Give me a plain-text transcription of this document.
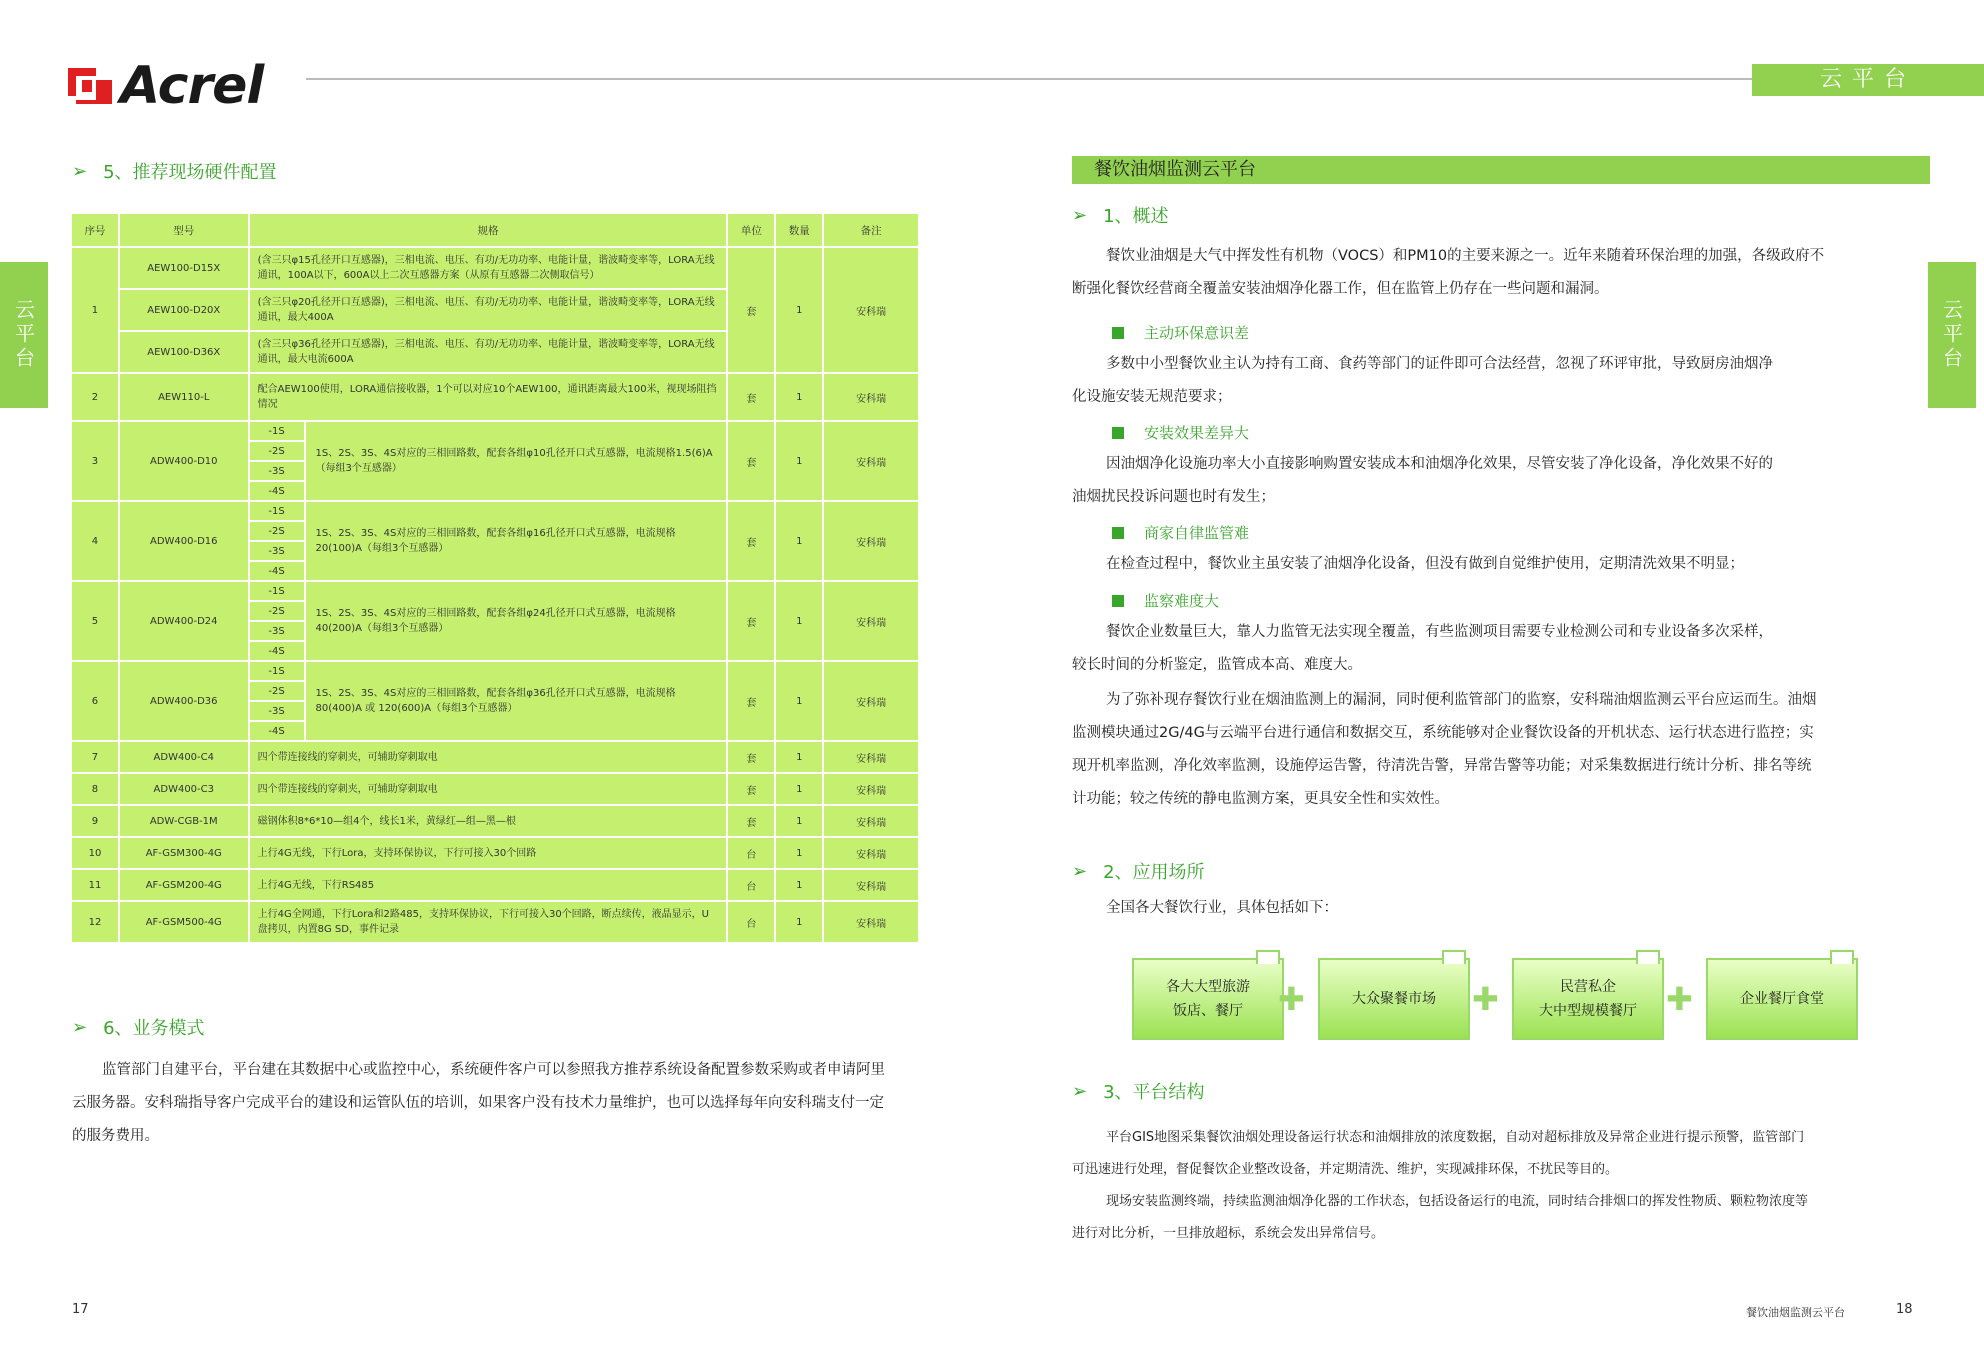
Acrel	云平台
云平台	云平台
➢ 5、推荐现场硬件配置
序号	型号	规格		单位	数量	备注
1	AEW100-D15X	(含三只φ15孔径开口互感器)，三相电流、电压、有功/无功功率、电能计量，谐波畸变率等，LORA无线通讯，100A以下，600A以上二次互感器方案（从原有互感器二次侧取信号）		套	1	安科瑞
	AEW100-D20X	(含三只φ20孔径开口互感器)，三相电流、电压、有功/无功功率、电能计量，谐波畸变率等，LORA无线通讯，最大400A				
	AEW100-D36X	(含三只φ36孔径开口互感器)，三相电流、电压、有功/无功功率、电能计量，谐波畸变率等，LORA无线通讯，最大电流600A				
2	AEW110-L	配合AEW100使用，LORA通信接收器，1个可以对应10个AEW100，通讯距离最大100米，视现场阻挡情况		套	1	安科瑞
3	ADW400-D10	-1S	1S、2S、3S、4S对应的三相回路数，配套各组φ10孔径开口式互感器，电流规格1.5(6)A（每组3个互感器）	套	1	安科瑞
		-2S				
		-3S				
		-4S				
4	ADW400-D16	-1S	1S、2S、3S、4S对应的三相回路数，配套各组φ16孔径开口式互感器，电流规格20(100)A（每组3个互感器）	套	1	安科瑞
		-2S				
		-3S				
		-4S				
5	ADW400-D24	-1S	1S、2S、3S、4S对应的三相回路数，配套各组φ24孔径开口式互感器，电流规格40(200)A（每组3个互感器）	套	1	安科瑞
		-2S				
		-3S				
		-4S				
6	ADW400-D36	-1S	1S、2S、3S、4S对应的三相回路数，配套各组φ36孔径开口式互感器，电流规格80(400)A 或 120(600)A（每组3个互感器）	套	1	安科瑞
		-2S				
		-3S				
		-4S				
7	ADW400-C4	四个带连接线的穿刺夹，可辅助穿刺取电		套	1	安科瑞
8	ADW400-C3	四个带连接线的穿刺夹，可辅助穿刺取电		套	1	安科瑞
9	ADW-CGB-1M	磁钢体积8*6*10—组4个，线长1米，黄绿红—组—黑—根		套	1	安科瑞
10	AF-GSM300-4G	上行4G无线，下行Lora，支持环保协议，下行可接入30个回路		台	1	安科瑞
11	AF-GSM200-4G	上行4G无线，下行RS485		台	1	安科瑞
12	AF-GSM500-4G	上行4G全网通，下行Lora和2路485，支持环保协议，下行可接入30个回路，断点续传，液晶显示，U盘拷贝，内置8G SD，事件记录		台	1	安科瑞
➢ 6、业务模式
监管部门自建平台，平台建在其数据中心或监控中心，系统硬件客户可以参照我方推荐系统设备配置参数采购或者申请阿里
云服务器。安科瑞指导客户完成平台的建设和运管队伍的培训，如果客户没有技术力量维护，也可以选择每年向安科瑞支付一定
的服务费用。
17
餐饮油烟监测云平台
➢ 1、概述
餐饮业油烟是大气中挥发性有机物（VOCS）和PM10的主要来源之一。近年来随着环保治理的加强，各级政府不
断强化餐饮经营商全覆盖安装油烟净化器工作，但在监管上仍存在一些问题和漏洞。
主动环保意识差
多数中小型餐饮业主认为持有工商、食药等部门的证件即可合法经营，忽视了环评审批，导致厨房油烟净
化设施安装无规范要求；
安装效果差异大
因油烟净化设施功率大小直接影响购置安装成本和油烟净化效果，尽管安装了净化设备，净化效果不好的
油烟扰民投诉问题也时有发生；
商家自律监管难
在检查过程中，餐饮业主虽安装了油烟净化设备，但没有做到自觉维护使用，定期清洗效果不明显；
监察难度大
餐饮企业数量巨大，靠人力监管无法实现全覆盖，有些监测项目需要专业检测公司和专业设备多次采样，
较长时间的分析鉴定，监管成本高、难度大。
为了弥补现存餐饮行业在烟油监测上的漏洞，同时便利监管部门的监察，安科瑞油烟监测云平台应运而生。油烟
监测模块通过2G/4G与云端平台进行通信和数据交互，系统能够对企业餐饮设备的开机状态、运行状态进行监控；实
现开机率监测，净化效率监测，设施停运告警，待清洗告警，异常告警等功能；对采集数据进行统计分析、排名等统
计功能；较之传统的静电监测方案，更具安全性和实效性。
➢ 2、应用场所
全国各大餐饮行业，具体包括如下：
各大大型旅游
饭店、餐厅 ✚	大众聚餐市场 ✚	民营私企
大中型规模餐厅 ✚	企业餐厅食堂
➢ 3、平台结构
平台GIS地图采集餐饮油烟处理设备运行状态和油烟排放的浓度数据，自动对超标排放及异常企业进行提示预警，监管部门
可迅速进行处理，督促餐饮企业整改设备，并定期清洗、维护，实现减排环保，不扰民等目的。
现场安装监测终端，持续监测油烟净化器的工作状态，包括设备运行的电流，同时结合排烟口的挥发性物质、颗粒物浓度等
进行对比分析，一旦排放超标，系统会发出异常信号。
餐饮油烟监测云平台	18
